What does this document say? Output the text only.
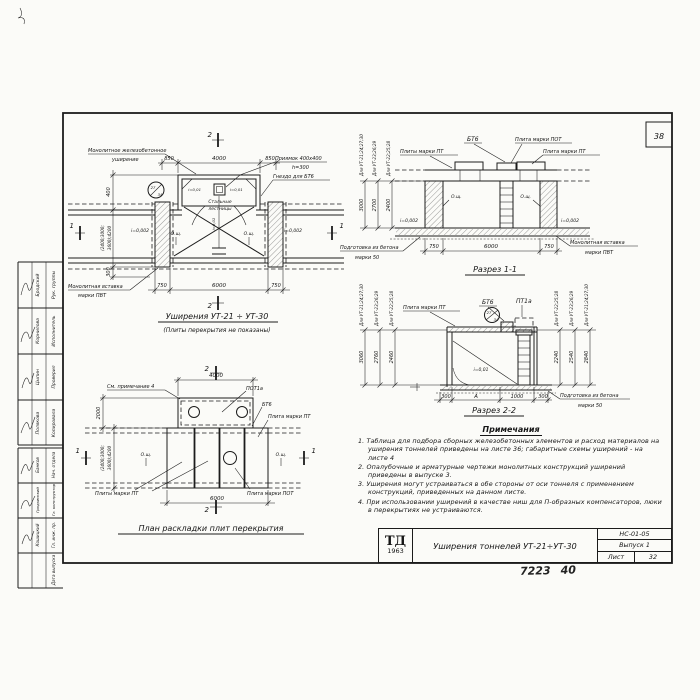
38
Рук. группы
Бродский
Исполнитель
Корнилова
Проверил
Цыпин
Копировала
Полякова
Нач. отдела
Банков
Гл. конструктор
Гродзинский
Гл. инж. пр.
Кошицкий
Дата выпуска
27
34
850	4000	850
750	6000	750
400
(2400;3000; 3600);4200
300
2
2
1	1
Монолитное железобетонное
уширение	Приямок 400х400
h=300
Гнездо для БТ6
Стальные
лестницы
Монолитная вставка
марки ПВТ
i=0,01	i=0,01
i=0,01
i=0,002	i=0,002
О.щ.	О.щ.
Уширения УТ-21 ÷ УТ-30
(Плиты перекрытия не показаны)
О.щ.	О.щ.
i=0,002	i=0,002
БТ6	Плита марки ПОТ
Плита марки ПТ
Плиты марки ПТ
Подготовка из бетона
марки 50
Монолитная вставка
марки ПВТ
3000 2700 2400
Для УТ-21;24;27;30 Для УТ-23;26;29 Для УТ-22;25;28
750	6000	750
Разрез 1-1
О.щ.	О.щ.
1	1
2
2
4000
2000
(2400;3000; 3600);4200
6000
См. примечание 4	ПОТ1а
БТ6
Плита марки ПТ
Плиты марки ПТ	Плита марки ПОТ
План раскладки плит перекрытия
27
34
БТ6	ПТ1а
Плита марки ПТ
i=0,01
Подготовка из бетона
марки 50
3060 2760 2460
Для УТ-21;24;27;30 Для УТ-23;26;29 Для УТ-22;25;28
2240 2540 2840
Для УТ-22;25;28 Для УТ-23;26;29 Для УТ-21;24;27;30
300	А	1000	300
Разрез 2-2
Примечания
1. Таблица для подбора сборных железобетонных элементов и расход материалов на уширения тоннелей приведены на листе 36; габаритные схемы уширений - на листе 4
2. Опалубочные и арматурные чертежи монолитных конструкций уширений приведены в выпуске 3.
3. Уширения могут устраиваться в обе стороны от оси тоннеля с применением конструкций, приведенных на данном листе.
4. При использовании уширений в качестве ниш для П-образных компенсаторов, люки в перекрытиях не устраиваются.
ТД
1963
Уширения тоннелей УТ-21÷УТ-30
НС-01-05
Выпуск 1
Лист	32
7223 40
